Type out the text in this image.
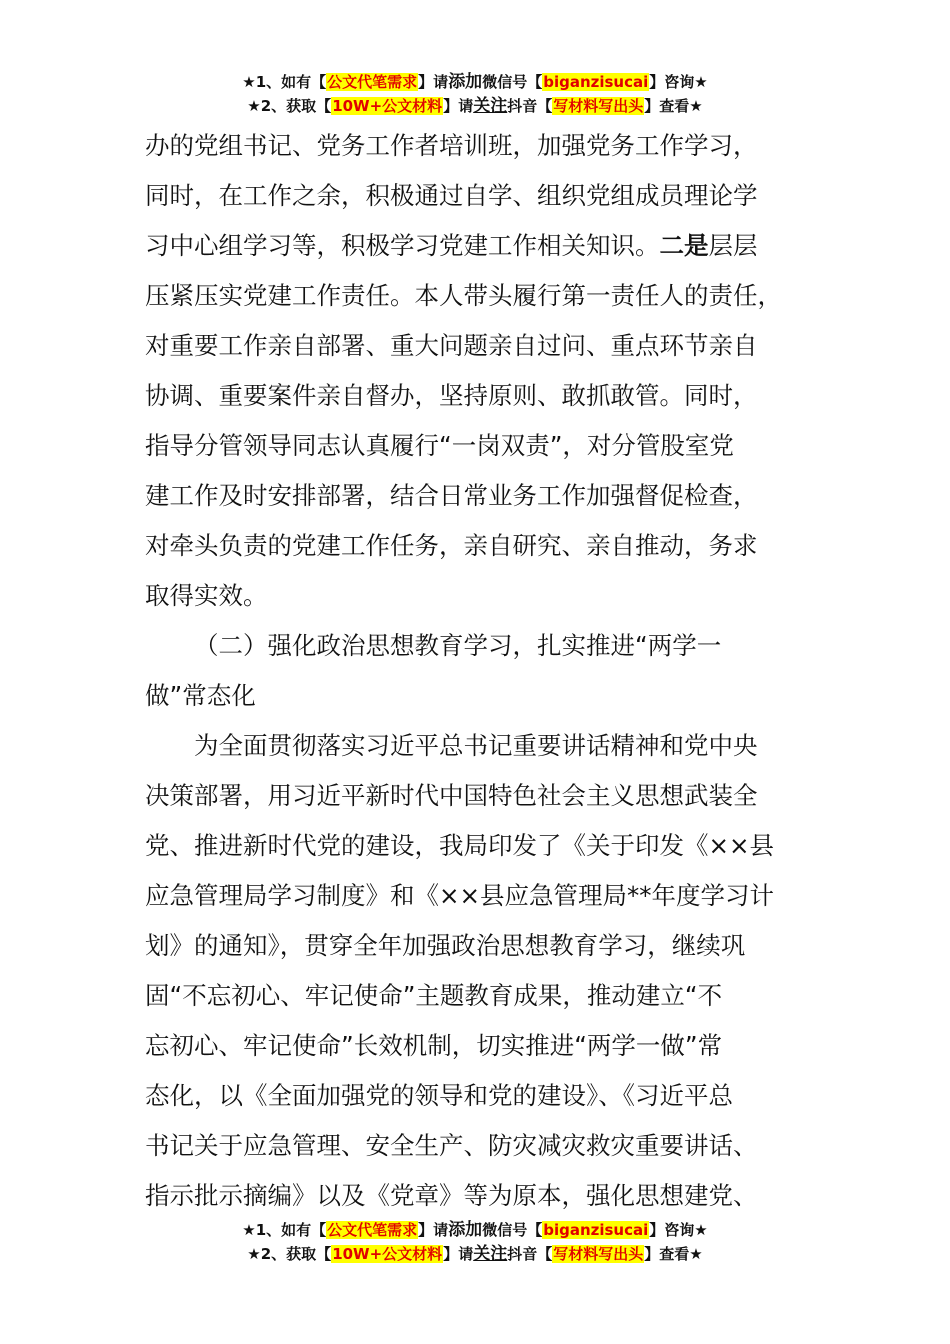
★1、如有【公文代笔需求】请添加微信号【biganzisucai】咨询★
★2、获取【10W+公文材料】请关注抖音【写材料写出头】查看★
办的党组书记、党务工作者培训班，加强党务工作学习，
同时，在工作之余，积极通过自学、组织党组成员理论学
习中心组学习等，积极学习党建工作相关知识。二是层层
压紧压实党建工作责任。本人带头履行第一责任人的责任，
对重要工作亲自部署、重大问题亲自过问、重点环节亲自
协调、重要案件亲自督办，坚持原则、敢抓敢管。同时，
指导分管领导同志认真履行“一岗双责”，对分管股室党
建工作及时安排部署，结合日常业务工作加强督促检查，
对牵头负责的党建工作任务，亲自研究、亲自推动，务求
取得实效。
（二）强化政治思想教育学习，扎实推进“两学一
做”常态化
为全面贯彻落实习近平总书记重要讲话精神和党中央
决策部署，用习近平新时代中国特色社会主义思想武装全
党、推进新时代党的建设，我局印发了《关于印发《××县
应急管理局学习制度》和《××县应急管理局**年度学习计
划》的通知》，贯穿全年加强政治思想教育学习，继续巩
固“不忘初心、牢记使命”主题教育成果，推动建立“不
忘初心、牢记使命”长效机制，切实推进“两学一做”常
态化，以《全面加强党的领导和党的建设》、《习近平总
书记关于应急管理、安全生产、防灾减灾救灾重要讲话、
指示批示摘编》以及《党章》等为原本，强化思想建党、
★1、如有【公文代笔需求】请添加微信号【biganzisucai】咨询★
★2、获取【10W+公文材料】请关注抖音【写材料写出头】查看★
